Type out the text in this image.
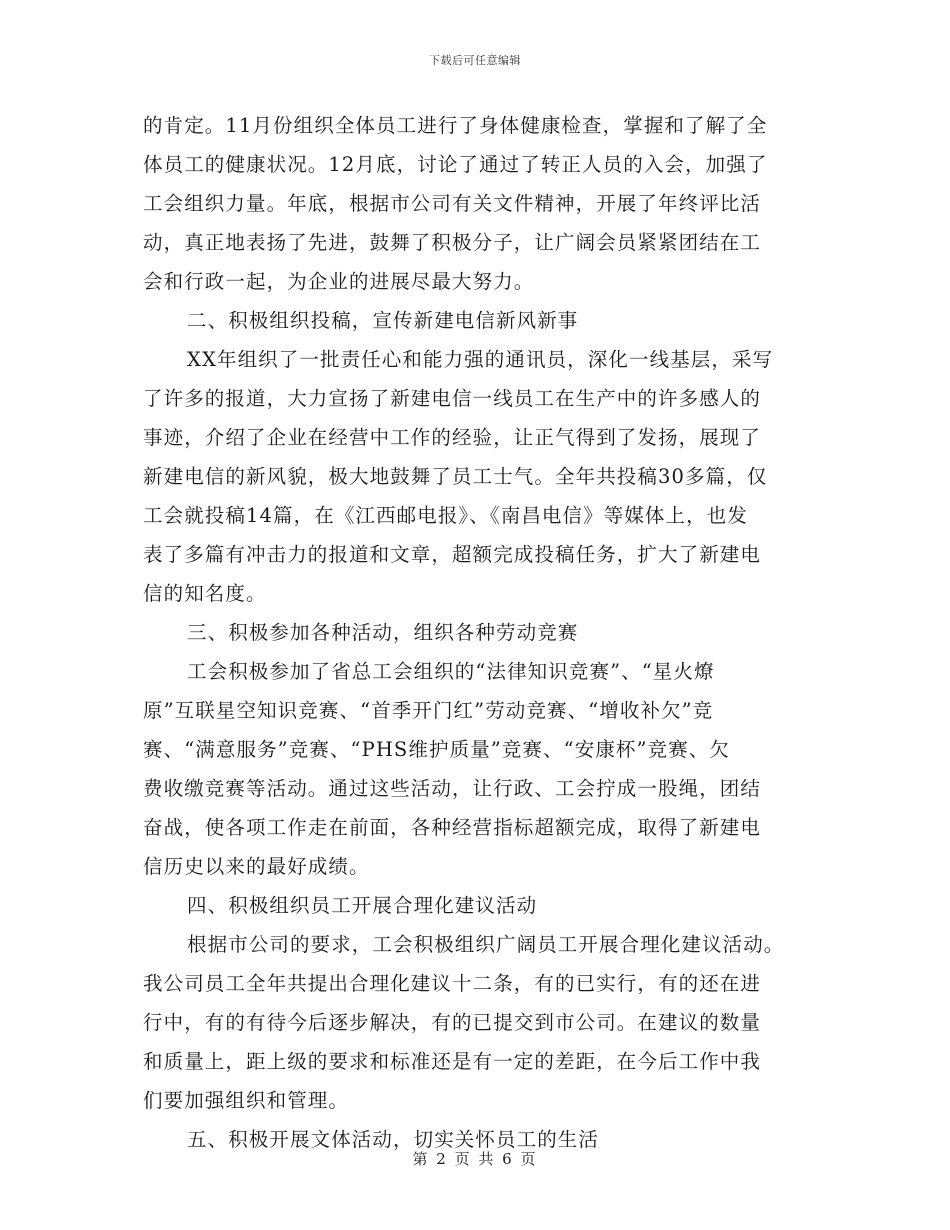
下载后可任意编辑
的肯定。11月份组织全体员工进行了身体健康检查，掌握和了解了全
体员工的健康状况。12月底，讨论了通过了转正人员的入会，加强了
工会组织力量。年底，根据市公司有关文件精神，开展了年终评比活
动，真正地表扬了先进，鼓舞了积极分子，让广阔会员紧紧团结在工
会和行政一起，为企业的进展尽最大努力。
二、积极组织投稿，宣传新建电信新风新事
XX年组织了一批责任心和能力强的通讯员，深化一线基层，采写
了许多的报道，大力宣扬了新建电信一线员工在生产中的许多感人的
事迹，介绍了企业在经营中工作的经验，让正气得到了发扬，展现了
新建电信的新风貌，极大地鼓舞了员工士气。全年共投稿30多篇，仅
工会就投稿14篇，在《江西邮电报》、《南昌电信》等媒体上，也发
表了多篇有冲击力的报道和文章，超额完成投稿任务，扩大了新建电
信的知名度。
三、积极参加各种活动，组织各种劳动竞赛
工会积极参加了省总工会组织的“法律知识竞赛”、“星火燎
原”互联星空知识竞赛、“首季开门红”劳动竞赛、“增收补欠”竞
赛、“满意服务”竞赛、“PHS维护质量”竞赛、“安康杯”竞赛、欠
费收缴竞赛等活动。通过这些活动，让行政、工会拧成一股绳，团结
奋战，使各项工作走在前面，各种经营指标超额完成，取得了新建电
信历史以来的最好成绩。
四、积极组织员工开展合理化建议活动
根据市公司的要求，工会积极组织广阔员工开展合理化建议活动。
我公司员工全年共提出合理化建议十二条，有的已实行，有的还在进
行中，有的有待今后逐步解决，有的已提交到市公司。在建议的数量
和质量上，距上级的要求和标准还是有一定的差距，在今后工作中我
们要加强组织和管理。
五、积极开展文体活动，切实关怀员工的生活
第 2 页 共 6 页
